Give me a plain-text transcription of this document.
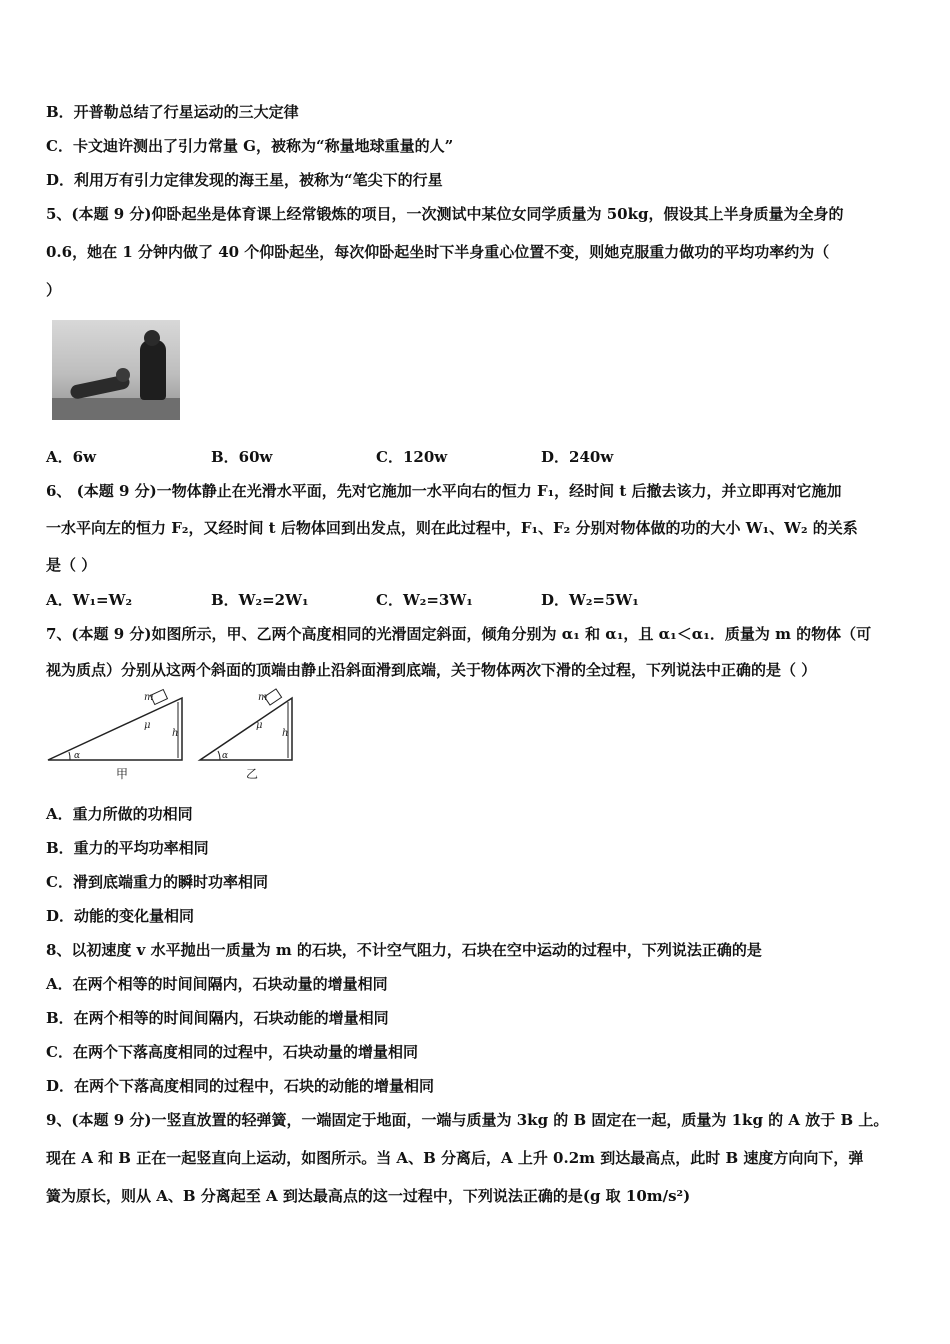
B．开普勒总结了行星运动的三大定律
C．卡文迪许测出了引力常量 G，被称为“称量地球重量的人”
D．利用万有引力定律发现的海王星，被称为“笔尖下的行星
5、(本题 9 分)仰卧起坐是体育课上经常锻炼的项目，一次测试中某位女同学质量为 50kg，假设其上半身质量为全身的
0.6，她在 1 分钟内做了 40 个仰卧起坐，每次仰卧起坐时下半身重心位置不变，则她克服重力做功的平均功率约为（
）
A．6w	B．60w	C．120w	D．240w
6、 (本题 9 分)一物体静止在光滑水平面，先对它施加一水平向右的恒力 F₁，经时间 t 后撤去该力，并立即再对它施加
一水平向左的恒力 F₂，又经时间 t 后物体回到出发点，则在此过程中，F₁、F₂ 分别对物体做的功的大小 W₁、W₂ 的关系
是（ ）
A．W₁=W₂	B．W₂=2W₁	C．W₂=3W₁	D．W₂=5W₁
7、(本题 9 分)如图所示，甲、乙两个高度相同的光滑固定斜面，倾角分别为 α₁ 和 α₁，且 α₁＜α₁．质量为 m 的物体（可
视为质点）分别从这两个斜面的顶端由静止沿斜面滑到底端，关于物体两次下滑的全过程，下列说法中正确的是（ ）
m
μ
h
α
甲
m
μ
h
α
乙
A．重力所做的功相同
B．重力的平均功率相同
C．滑到底端重力的瞬时功率相同
D．动能的变化量相同
8、以初速度 v 水平抛出一质量为 m 的石块，不计空气阻力，石块在空中运动的过程中，下列说法正确的是
A．在两个相等的时间间隔内，石块动量的增量相同
B．在两个相等的时间间隔内，石块动能的增量相同
C．在两个下落高度相同的过程中，石块动量的增量相同
D．在两个下落高度相同的过程中，石块的动能的增量相同
9、(本题 9 分)一竖直放置的轻弹簧，一端固定于地面，一端与质量为 3kg 的 B 固定在一起，质量为 1kg 的 A 放于 B 上。
现在 A 和 B 正在一起竖直向上运动，如图所示。当 A、B 分离后，A 上升 0.2m 到达最高点，此时 B 速度方向向下，弹
簧为原长，则从 A、B 分离起至 A 到达最高点的这一过程中，下列说法正确的是(g 取 10m/s²)
